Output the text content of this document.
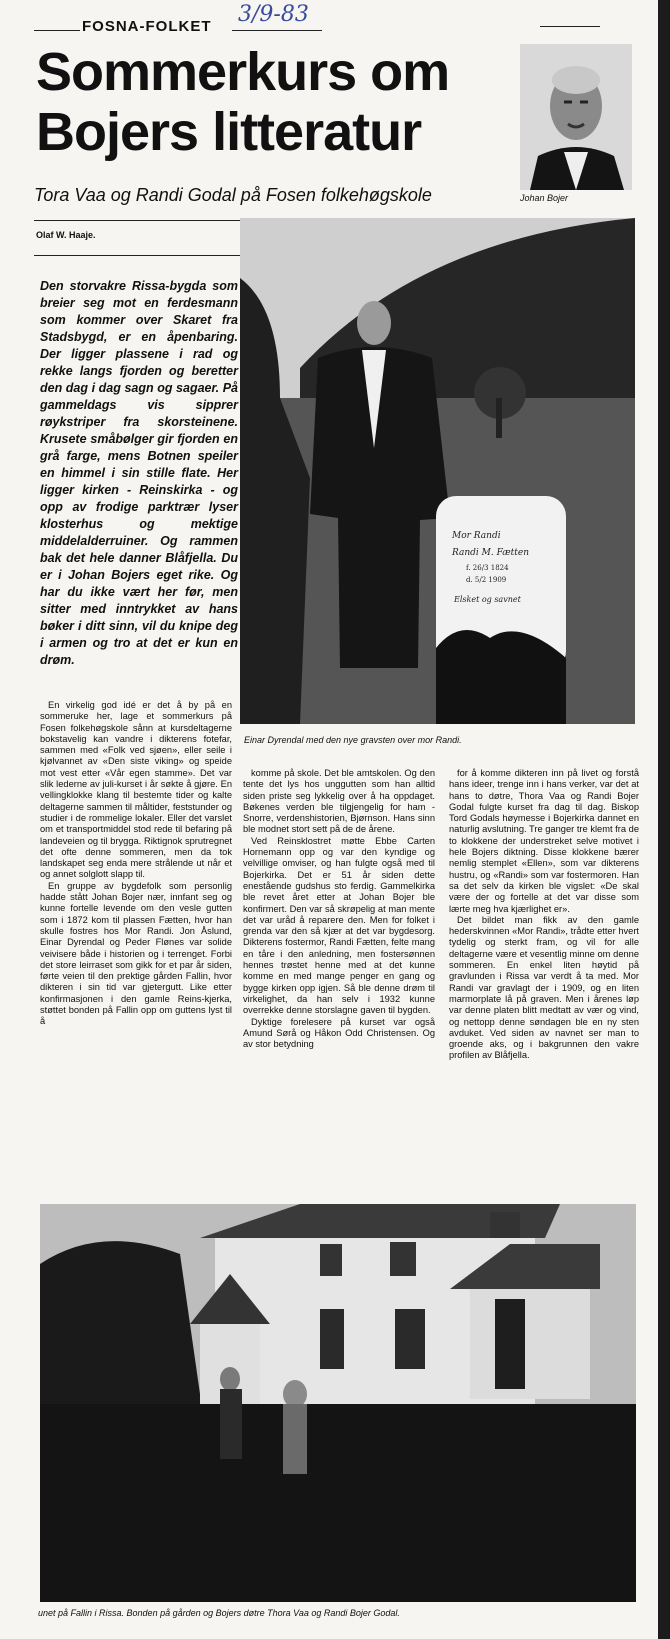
FOSNA-FOLKET 3/9-83
Sommerkurs om
Bojers litteratur
Tora Vaa og Randi Godal på Fosen folkehøgskole	Johan Bojer
Olaf W. Haaje.
Den storvakre Rissa-bygda som breier seg mot en ferdesmann som kommer over Skaret fra Stadsbygd, er en åpenbaring. Der ligger plassene i rad og rekke langs fjorden og beretter den dag i dag sagn og sagaer. På gammeldags vis sipprer røykstriper fra skorsteinene. Krusete småbølger gir fjorden en grå farge, mens Botnen speiler en himmel i sin stille flate. Her ligger kirken - Reinskirka - og opp av frodige parktrær lyser klosterhus og mektige middelalderruiner. Og rammen bak det hele danner Blåfjella. Du er i Johan Bojers eget rike. Og har du ikke vært her før, men sitter med inntrykket av hans bøker i ditt sinn, vil du knipe deg i armen og tro at det er kun en drøm.
Mor Randi
Randi M. Fætten
f. 26/3 1824
d. 5/2 1909
Elsket og savnet
Einar Dyrendal med den nye gravsten over mor Randi.

En virkelig god idé er det å by på en sommeruke her, lage et sommerkurs på Fosen folkehøgskole sånn at kursdeltagerne bokstavelig kan vandre i dikterens fotefar, sammen med «Folk ved sjøen», eller seile i kjølvannet av «Den siste viking» og speide mot vest etter «Vår egen stamme». Det var slik lederne av juli-kurset i år søkte å gjøre. En vellingklokke klang til bestemte tider og kalte deltagerne sammen til måltider, feststunder og studier i de rommelige lokaler. Eller det varslet om et transportmiddel stod rede til befaring på landeveien og til brygga. Riktignok sprutregnet det ofte denne sommeren, men da tok landskapet seg enda mere strålende ut når et og annet solglott slapp til.

En gruppe av bygdefolk som personlig hadde stått Johan Bojer nær, innfant seg og kunne fortelle levende om den vesle gutten som i 1872 kom til plassen Fætten, hvor han skulle fostres hos Mor Randi. Jon Åslund, Einar Dyrendal og Peder Flønes var solide veivisere både i historien og i terrenget. Forbi det store leirraset som gikk for et par år siden, førte veien til den prektige gården Fallin, hvor dikteren i sin tid var gjetergutt. Like etter konfirmasjonen i den gamle Reins-kjerka, støttet bonden på Fallin opp om guttens lyst til å

komme på skole. Det ble amtskolen. Og den tente det lys hos unggutten som han alltid siden priste seg lykkelig over å ha oppdaget. Bøkenes verden ble tilgjengelig for ham - Snorre, verdenshistorien, Bjørnson. Hans sinn ble modnet stort sett på de de årene.

Ved Reinsklostret møtte Ebbe Carten Hornemann opp og var den kyndige og velvillige omviser, og han fulgte også med til Bojerkirka. Det er 51 år siden dette enestående gudshus sto ferdig. Gammelkirka ble revet året etter at Johan Bojer ble konfirmert. Den var så skrøpelig at man mente det var uråd å reparere den. Men for folket i grenda var den så kjær at det var bygdesorg. Dikterens fostermor, Randi Fætten, felte mang en tåre i den anledning, men fostersønnen hennes trøstet henne med at det kunne komme en med mange penger en gang og bygge kirken opp igjen. Så ble denne drøm til virkelighet, da han selv i 1932 kunne overrekke denne storslagne gaven til bygden.

Dyktige forelesere på kurset var også Amund Sørå og Håkon Odd Christensen. Og av stor betydning

for å komme dikteren inn på livet og forstå hans ideer, trenge inn i hans verker, var det at hans to døtre, Thora Vaa og Randi Bojer Godal fulgte kurset fra dag til dag. Biskop Tord Godals høymesse i Bojerkirka dannet en naturlig avslutning. Tre ganger tre klemt fra de to klokkene der understreket selve motivet i hele Bojers diktning. Disse klokkene bærer nemlig stemplet «Ellen», som var dikterens hustru, og «Randi» som var fostermoren. Han sa det selv da kirken ble vigslet: «De skal være der og fortelle at det var disse som lærte meg hva kjærlighet er».

Det bildet man fikk av den gamle hederskvinnen «Mor Randi», trådte etter hvert tydelig og sterkt fram, og vil for alle deltagerne være et vesentlig minne om denne sommeren. En enkel liten høytid på gravlunden i Rissa var verdt å ta med. Mor Randi var gravlagt der i 1909, og en liten marmorplate lå på graven. Men i årenes løp var denne platen blitt medtatt av vær og vind, og nettopp denne søndagen ble en ny sten avduket. Ved siden av navnet ser man to groende aks, og i bakgrunnen den vakre profilen av Blåfjella.

unet på Fallin i Rissa. Bonden på gården og Bojers døtre Thora Vaa og Randi Bojer Godal.
